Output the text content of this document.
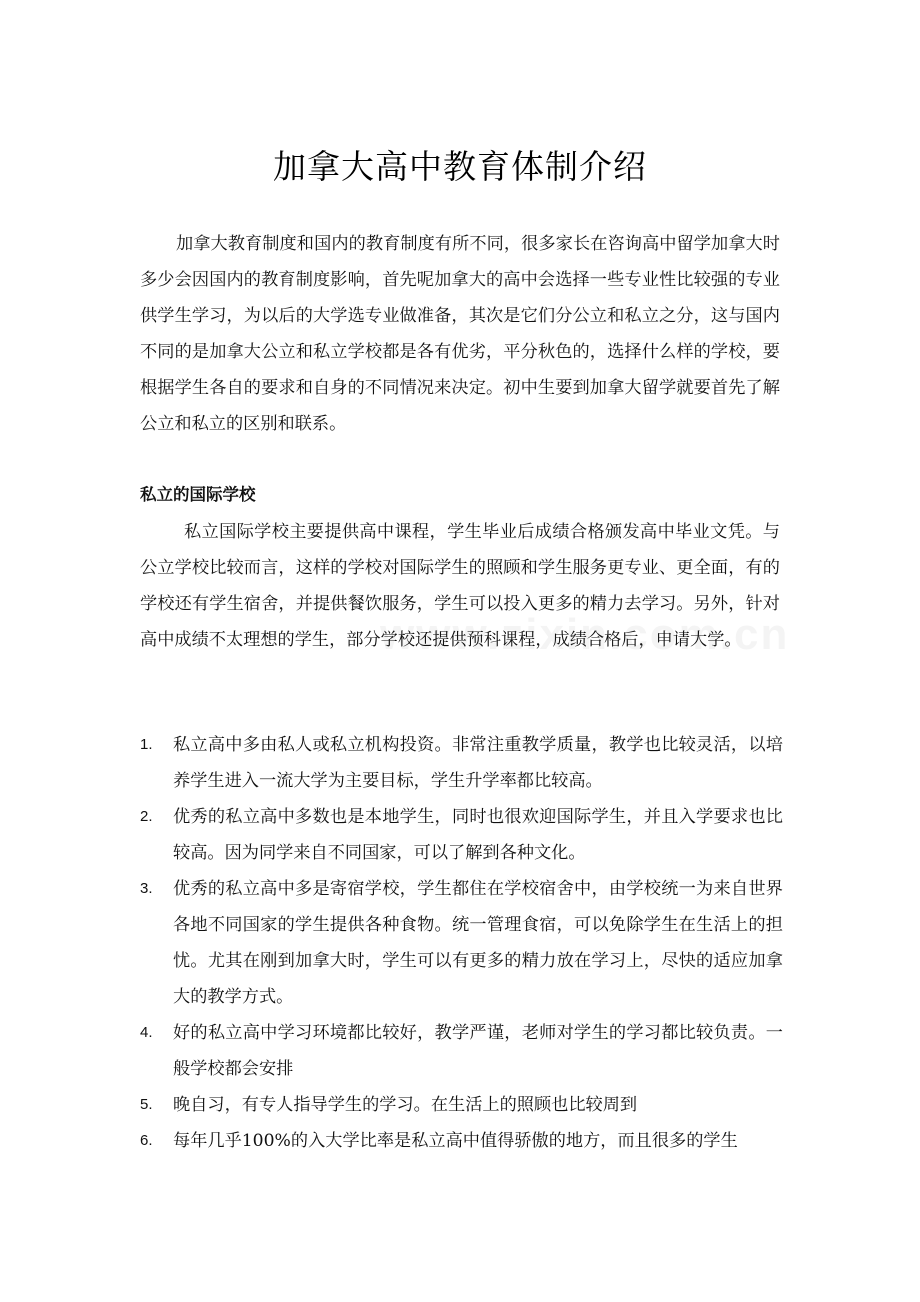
加拿大高中教育体制介绍

加拿大教育制度和国内的教育制度有所不同，很多家长在咨询高中留学加拿大时多少会因国内的教育制度影响，首先呢加拿大的高中会选择一些专业性比较强的专业供学生学习，为以后的大学选专业做准备，其次是它们分公立和私立之分，这与国内不同的是加拿大公立和私立学校都是各有优劣，平分秋色的，选择什么样的学校，要根据学生各自的要求和自身的不同情况来决定。初中生要到加拿大留学就要首先了解公立和私立的区别和联系。

私立的国际学校

私立国际学校主要提供高中课程，学生毕业后成绩合格颁发高中毕业文凭。与公立学校比较而言，这样的学校对国际学生的照顾和学生服务更专业、更全面，有的学校还有学生宿舍，并提供餐饮服务，学生可以投入更多的精力去学习。另外，针对高中成绩不太理想的学生，部分学校还提供预科课程，成绩合格后，申请大学。

1.	私立高中多由私人或私立机构投资。非常注重教学质量，教学也比较灵活，以培养学生进入一流大学为主要目标，学生升学率都比较高。
2.	优秀的私立高中多数也是本地学生，同时也很欢迎国际学生，并且入学要求也比较高。因为同学来自不同国家，可以了解到各种文化。
3.	优秀的私立高中多是寄宿学校，学生都住在学校宿舍中，由学校统一为来自世界各地不同国家的学生提供各种食物。统一管理食宿，可以免除学生在生活上的担忧。尤其在刚到加拿大时，学生可以有更多的精力放在学习上，尽快的适应加拿大的教学方式。
4.	好的私立高中学习环境都比较好，教学严谨，老师对学生的学习都比较负责。一般学校都会安排
5.	晚自习，有专人指导学生的学习。在生活上的照顾也比较周到
6.	每年几乎100%的入大学比率是私立高中值得骄傲的地方，而且很多的学生
